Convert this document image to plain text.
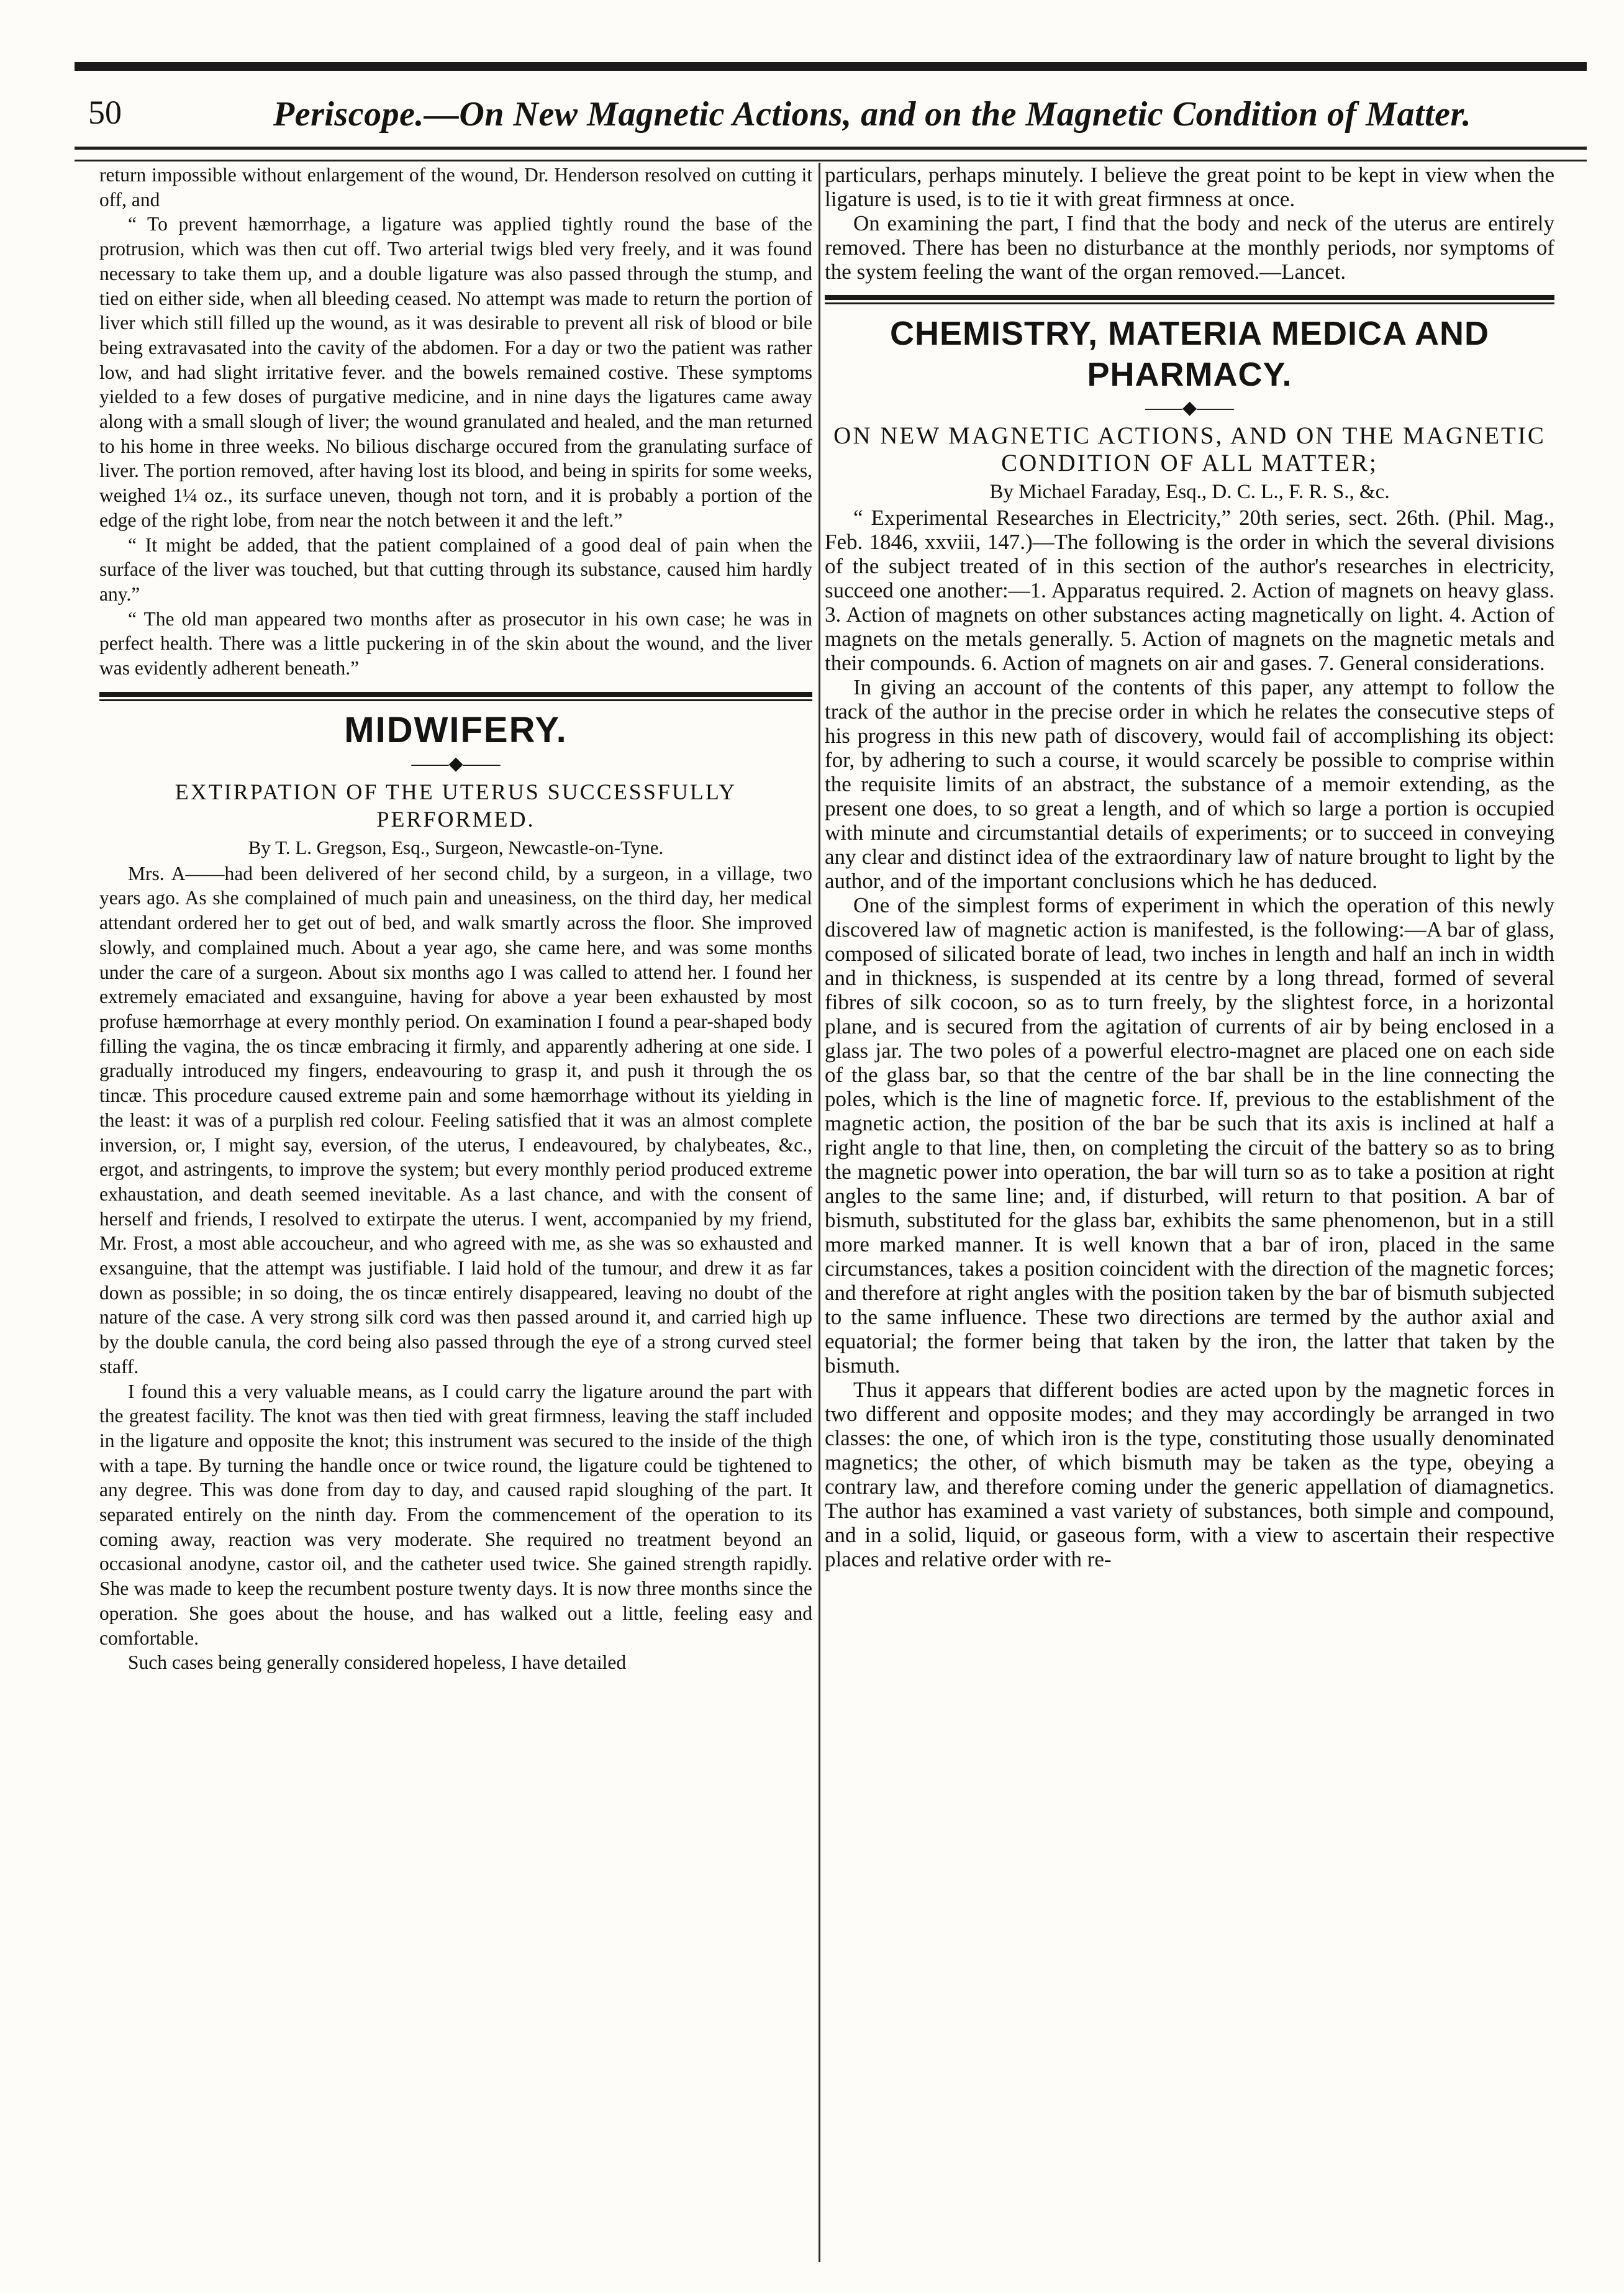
50	Periscope.—On New Magnetic Actions, and on the Magnetic Condition of Matter.

return impossible without enlargement of the wound, Dr. Henderson resolved on cutting it off, and

“ To prevent hæmorrhage, a ligature was applied tightly round the base of the protrusion, which was then cut off. Two arterial twigs bled very freely, and it was found necessary to take them up, and a double ligature was also passed through the stump, and tied on either side, when all bleeding ceased. No attempt was made to return the portion of liver which still filled up the wound, as it was desirable to prevent all risk of blood or bile being extravasated into the cavity of the abdomen. For a day or two the patient was rather low, and had slight irritative fever. and the bowels remained costive. These symptoms yielded to a few doses of purgative medicine, and in nine days the ligatures came away along with a small slough of liver; the wound granulated and healed, and the man returned to his home in three weeks. No bilious discharge occured from the granulating surface of liver. The portion removed, after having lost its blood, and being in spirits for some weeks, weighed 1¼ oz., its surface uneven, though not torn, and it is probably a portion of the edge of the right lobe, from near the notch between it and the left.”

“ It might be added, that the patient complained of a good deal of pain when the surface of the liver was touched, but that cutting through its substance, caused him hardly any.”

“ The old man appeared two months after as prosecutor in his own case; he was in perfect health. There was a little puckering in of the skin about the wound, and the liver was evidently adherent beneath.”

MIDWIFERY.
——◆——
EXTIRPATION OF THE UTERUS SUCCESSFULLY PERFORMED.
By T. L. Gregson, Esq., Surgeon, Newcastle-on-Tyne.

Mrs. A——had been delivered of her second child, by a surgeon, in a village, two years ago. As she complained of much pain and uneasiness, on the third day, her medical attendant ordered her to get out of bed, and walk smartly across the floor. She improved slowly, and complained much. About a year ago, she came here, and was some months under the care of a surgeon. About six months ago I was called to attend her. I found her extremely emaciated and exsanguine, having for above a year been exhausted by most profuse hæmorrhage at every monthly period. On examination I found a pear-shaped body filling the vagina, the os tincæ embracing it firmly, and apparently adhering at one side. I gradually introduced my fingers, endeavouring to grasp it, and push it through the os tincæ. This procedure caused extreme pain and some hæmorrhage without its yielding in the least: it was of a purplish red colour. Feeling satisfied that it was an almost complete inversion, or, I might say, eversion, of the uterus, I endeavoured, by chalybeates, &c., ergot, and astringents, to improve the system; but every monthly period produced extreme exhaustation, and death seemed inevitable. As a last chance, and with the consent of herself and friends, I resolved to extirpate the uterus. I went, accompanied by my friend, Mr. Frost, a most able accoucheur, and who agreed with me, as she was so exhausted and exsanguine, that the attempt was justifiable. I laid hold of the tumour, and drew it as far down as possible; in so doing, the os tincæ entirely disappeared, leaving no doubt of the nature of the case. A very strong silk cord was then passed around it, and carried high up by the double canula, the cord being also passed through the eye of a strong curved steel staff.

I found this a very valuable means, as I could carry the ligature around the part with the greatest facility. The knot was then tied with great firmness, leaving the staff included in the ligature and opposite the knot; this instrument was secured to the inside of the thigh with a tape. By turning the handle once or twice round, the ligature could be tightened to any degree. This was done from day to day, and caused rapid sloughing of the part. It separated entirely on the ninth day. From the commencement of the operation to its coming away, reaction was very moderate. She required no treatment beyond an occasional anodyne, castor oil, and the catheter used twice. She gained strength rapidly. She was made to keep the recumbent posture twenty days. It is now three months since the operation. She goes about the house, and has walked out a little, feeling easy and comfortable.

Such cases being generally considered hopeless, I have detailed

particulars, perhaps minutely. I believe the great point to be kept in view when the ligature is used, is to tie it with great firmness at once.

On examining the part, I find that the body and neck of the uterus are entirely removed. There has been no disturbance at the monthly periods, nor symptoms of the system feeling the want of the organ removed.—Lancet.

CHEMISTRY, MATERIA MEDICA AND PHARMACY.
——◆——
ON NEW MAGNETIC ACTIONS, AND ON THE MAGNETIC CONDITION OF ALL MATTER;
By Michael Faraday, Esq., D. C. L., F. R. S., &c.

“ Experimental Researches in Electricity,” 20th series, sect. 26th. (Phil. Mag., Feb. 1846, xxviii, 147.)—The following is the order in which the several divisions of the subject treated of in this section of the author's researches in electricity, succeed one another:—1. Apparatus required. 2. Action of magnets on heavy glass. 3. Action of magnets on other substances acting magnetically on light. 4. Action of magnets on the metals generally. 5. Action of magnets on the magnetic metals and their compounds. 6. Action of magnets on air and gases. 7. General considerations.

In giving an account of the contents of this paper, any attempt to follow the track of the author in the precise order in which he relates the consecutive steps of his progress in this new path of discovery, would fail of accomplishing its object: for, by adhering to such a course, it would scarcely be possible to comprise within the requisite limits of an abstract, the substance of a memoir extending, as the present one does, to so great a length, and of which so large a portion is occupied with minute and circumstantial details of experiments; or to succeed in conveying any clear and distinct idea of the extraordinary law of nature brought to light by the author, and of the important conclusions which he has deduced.

One of the simplest forms of experiment in which the operation of this newly discovered law of magnetic action is manifested, is the following:—A bar of glass, composed of silicated borate of lead, two inches in length and half an inch in width and in thickness, is suspended at its centre by a long thread, formed of several fibres of silk cocoon, so as to turn freely, by the slightest force, in a horizontal plane, and is secured from the agitation of currents of air by being enclosed in a glass jar. The two poles of a powerful electro-magnet are placed one on each side of the glass bar, so that the centre of the bar shall be in the line connecting the poles, which is the line of magnetic force. If, previous to the establishment of the magnetic action, the position of the bar be such that its axis is inclined at half a right angle to that line, then, on completing the circuit of the battery so as to bring the magnetic power into operation, the bar will turn so as to take a position at right angles to the same line; and, if disturbed, will return to that position. A bar of bismuth, substituted for the glass bar, exhibits the same phenomenon, but in a still more marked manner. It is well known that a bar of iron, placed in the same circumstances, takes a position coincident with the direction of the magnetic forces; and therefore at right angles with the position taken by the bar of bismuth subjected to the same influence. These two directions are termed by the author axial and equatorial; the former being that taken by the iron, the latter that taken by the bismuth.

Thus it appears that different bodies are acted upon by the magnetic forces in two different and opposite modes; and they may accordingly be arranged in two classes: the one, of which iron is the type, constituting those usually denominated magnetics; the other, of which bismuth may be taken as the type, obeying a contrary law, and therefore coming under the generic appellation of diamagnetics. The author has examined a vast variety of substances, both simple and compound, and in a solid, liquid, or gaseous form, with a view to ascertain their respective places and relative order with re-
